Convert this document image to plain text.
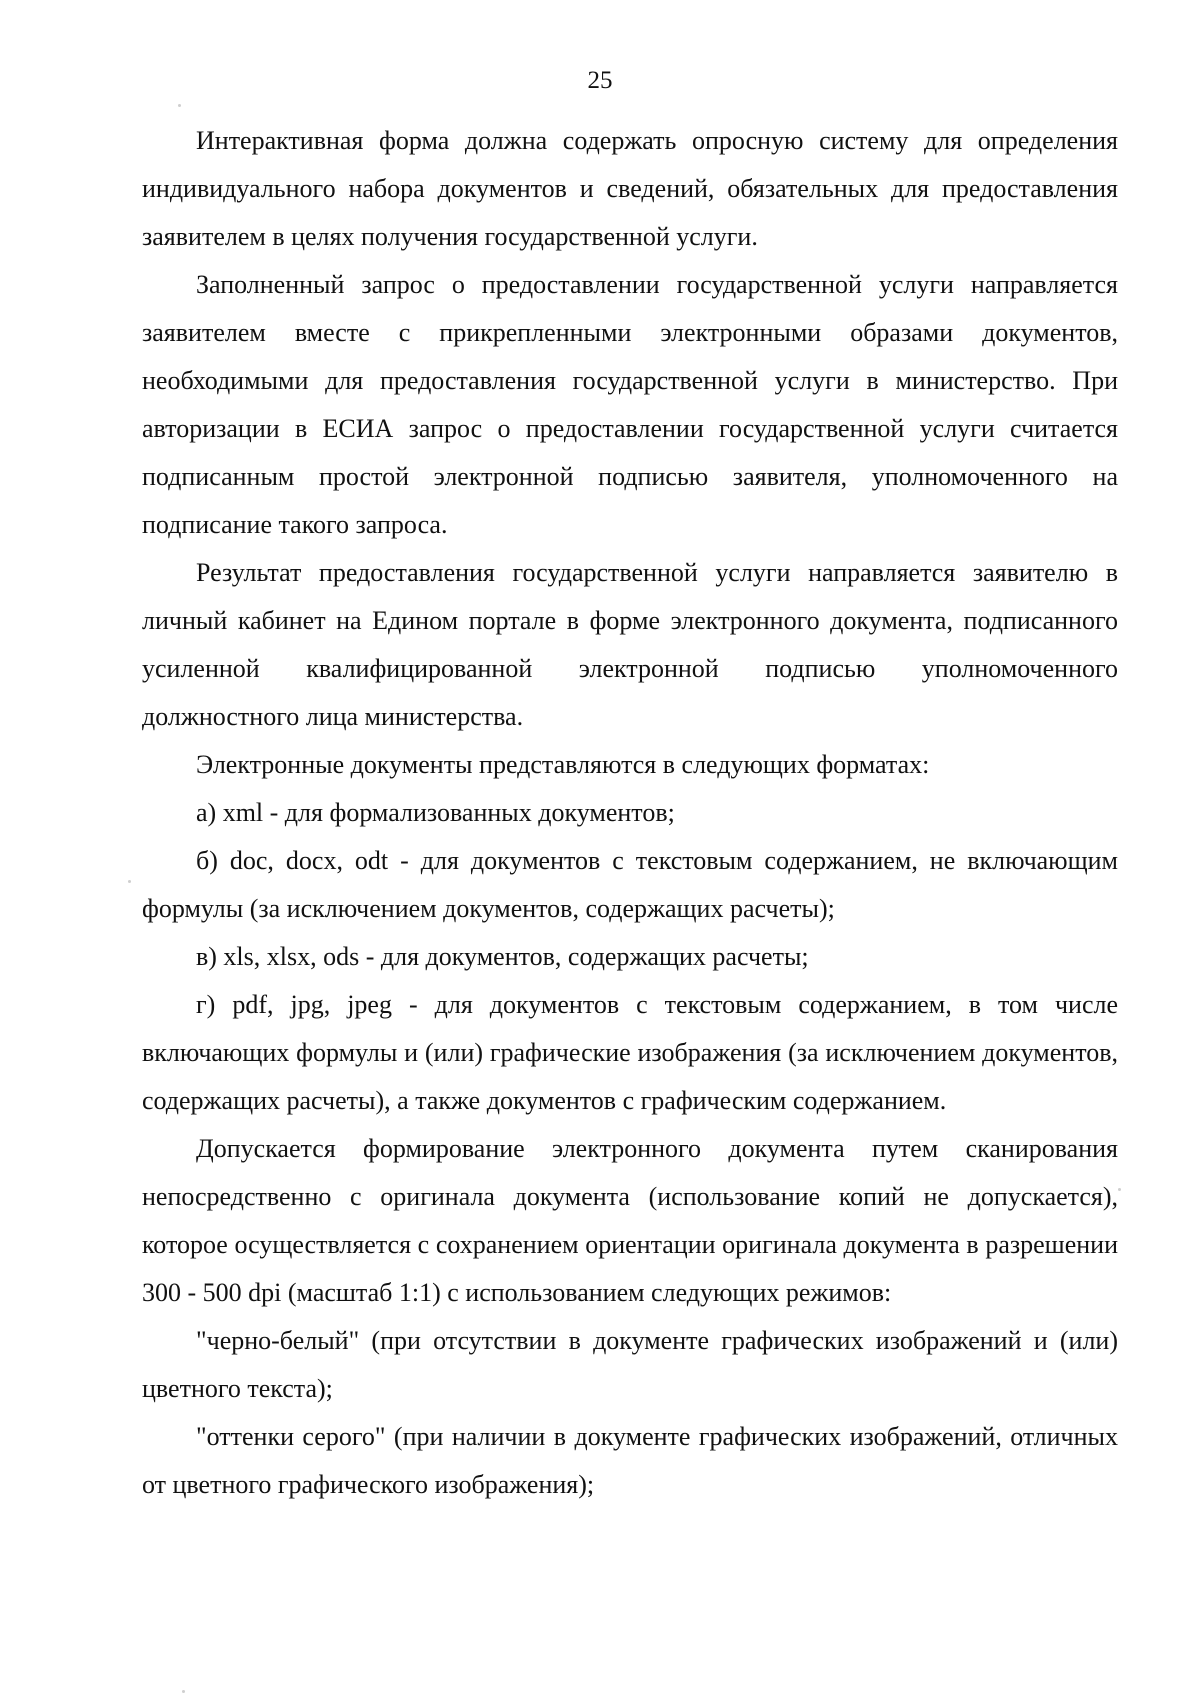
25

Интерактивная форма должна содержать опросную систему для определения индивидуального набора документов и сведений, обязательных для предоставления заявителем в целях получения государственной услуги.

Заполненный запрос о предоставлении государственной услуги направляется заявителем вместе с прикрепленными электронными образами документов, необходимыми для предоставления государственной услуги в министерство. При авторизации в ЕСИА запрос о предоставлении государственной услуги считается подписанным простой электронной подписью заявителя, уполномоченного на подписание такого запроса.

Результат предоставления государственной услуги направляется заявителю в личный кабинет на Едином портале в форме электронного документа, подписанного усиленной квалифицированной электронной подписью уполномоченного должностного лица министерства.

Электронные документы представляются в следующих форматах:

а) xml - для формализованных документов;

б) doc, docx, odt - для документов с текстовым содержанием, не включающим формулы (за исключением документов, содержащих расчеты);

в) xls, xlsx, ods - для документов, содержащих расчеты;

г) pdf, jpg, jpeg - для документов с текстовым содержанием, в том числе включающих формулы и (или) графические изображения (за исключением документов, содержащих расчеты), а также документов с графическим содержанием.

Допускается формирование электронного документа путем сканирования непосредственно с оригинала документа (использование копий не допускается), которое осуществляется с сохранением ориентации оригинала документа в разрешении 300 - 500 dpi (масштаб 1:1) с использованием следующих режимов:

"черно-белый" (при отсутствии в документе графических изображений и (или) цветного текста);

"оттенки серого" (при наличии в документе графических изображений, отличных от цветного графического изображения);
